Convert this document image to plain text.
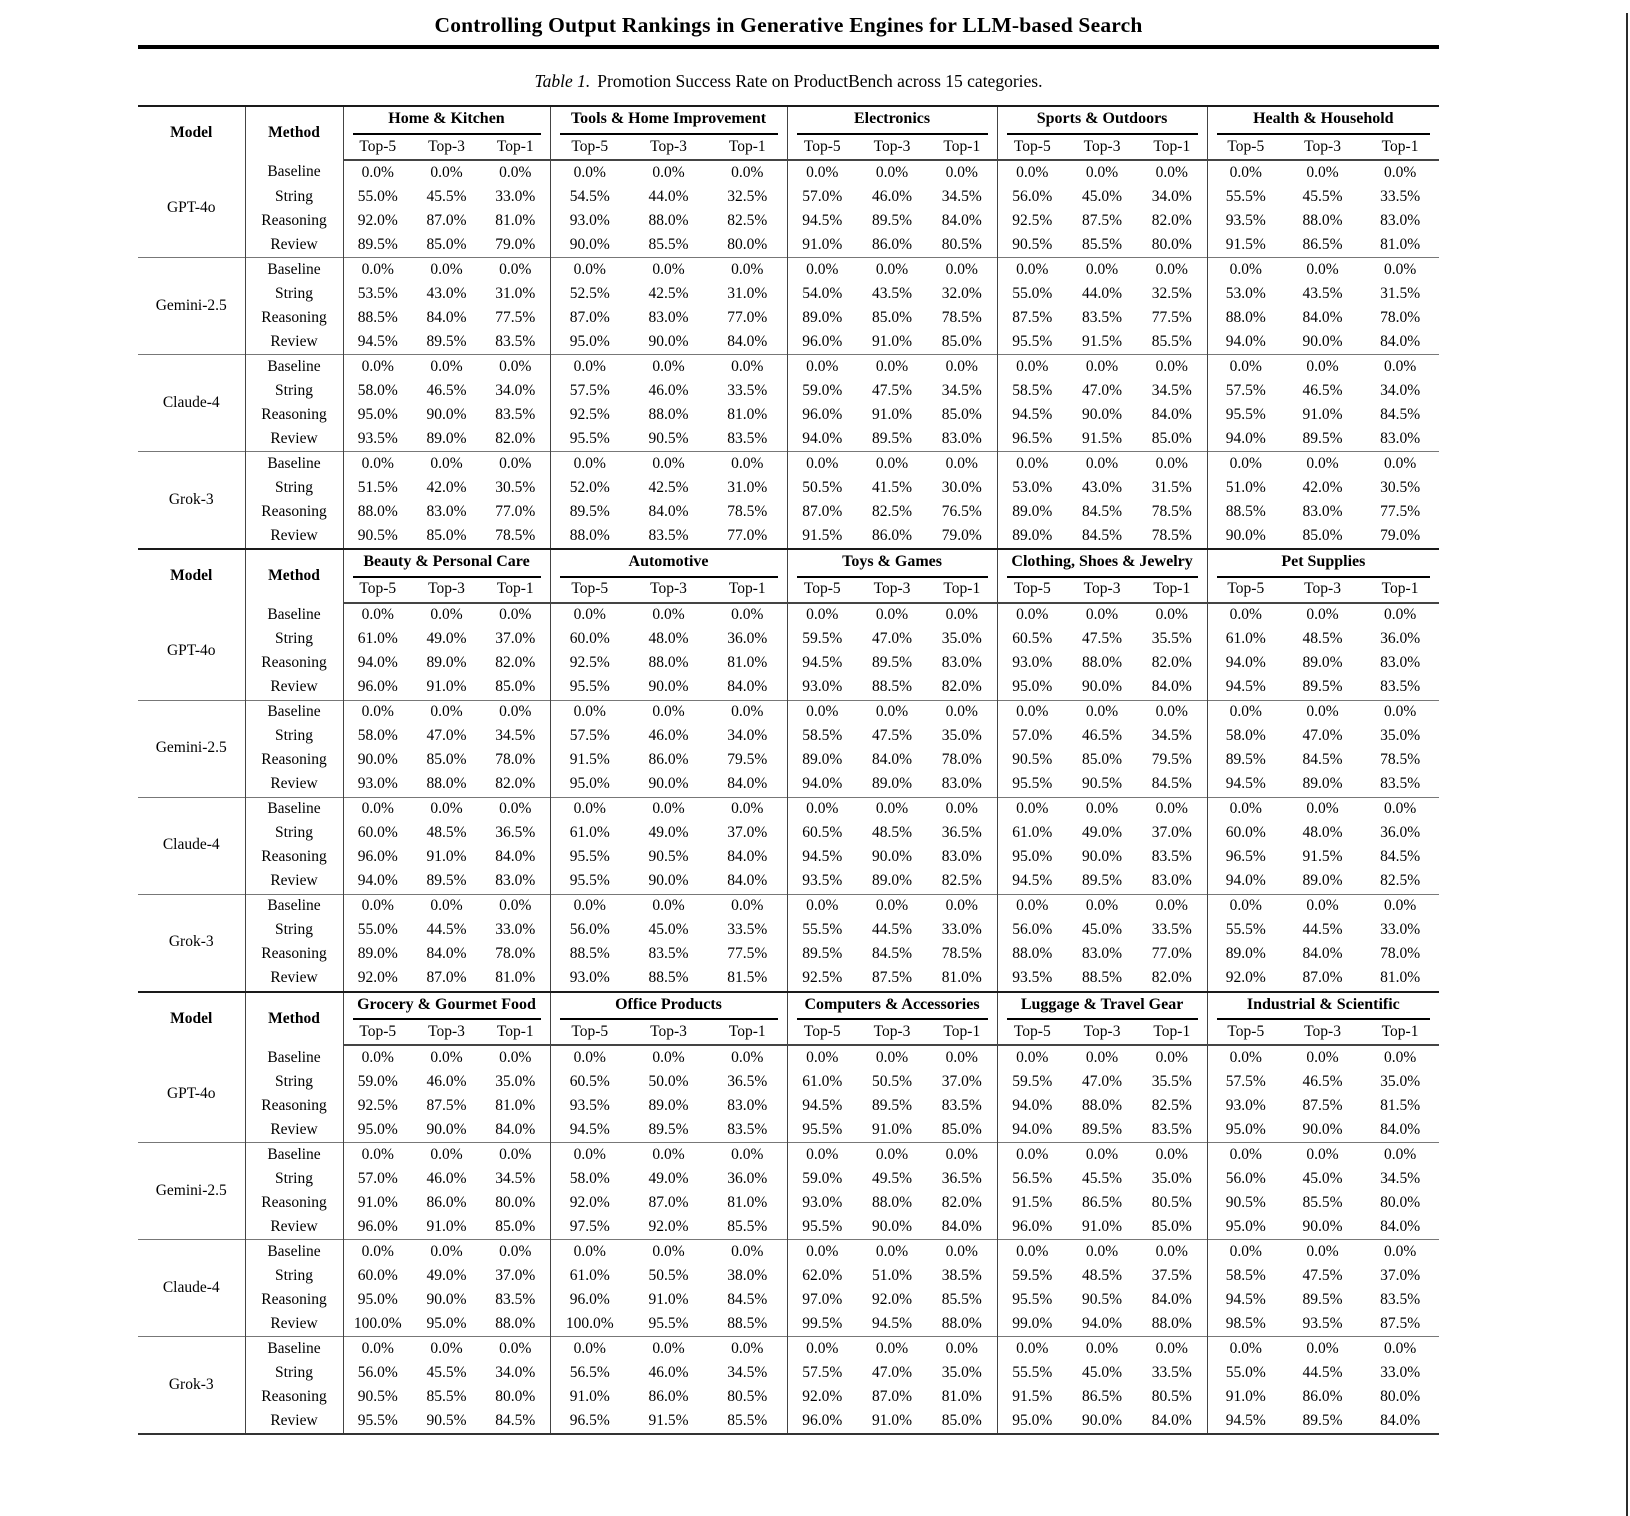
Controlling Output Rankings in Generative Engines for LLM-based Search

Table 1. Promotion Success Rate on ProductBench across 15 categories.

Model	Method	Home & Kitchen			Tools & Home Improvement			Electronics			Sports & Outdoors			Health & Household		

		Top-5	Top-3	Top-1	Top-5	Top-3	Top-1	Top-5	Top-3	Top-1	Top-5	Top-3	Top-1	Top-5	Top-3	Top-1
GPT-4o	Baseline	0.0%	0.0%	0.0%	0.0%	0.0%	0.0%	0.0%	0.0%	0.0%	0.0%	0.0%	0.0%	0.0%	0.0%	0.0%
	String	55.0%	45.5%	33.0%	54.5%	44.0%	32.5%	57.0%	46.0%	34.5%	56.0%	45.0%	34.0%	55.5%	45.5%	33.5%
	Reasoning	92.0%	87.0%	81.0%	93.0%	88.0%	82.5%	94.5%	89.5%	84.0%	92.5%	87.5%	82.0%	93.5%	88.0%	83.0%
	Review	89.5%	85.0%	79.0%	90.0%	85.5%	80.0%	91.0%	86.0%	80.5%	90.5%	85.5%	80.0%	91.5%	86.5%	81.0%
Gemini-2.5	Baseline	0.0%	0.0%	0.0%	0.0%	0.0%	0.0%	0.0%	0.0%	0.0%	0.0%	0.0%	0.0%	0.0%	0.0%	0.0%
	String	53.5%	43.0%	31.0%	52.5%	42.5%	31.0%	54.0%	43.5%	32.0%	55.0%	44.0%	32.5%	53.0%	43.5%	31.5%
	Reasoning	88.5%	84.0%	77.5%	87.0%	83.0%	77.0%	89.0%	85.0%	78.5%	87.5%	83.5%	77.5%	88.0%	84.0%	78.0%
	Review	94.5%	89.5%	83.5%	95.0%	90.0%	84.0%	96.0%	91.0%	85.0%	95.5%	91.5%	85.5%	94.0%	90.0%	84.0%
Claude-4	Baseline	0.0%	0.0%	0.0%	0.0%	0.0%	0.0%	0.0%	0.0%	0.0%	0.0%	0.0%	0.0%	0.0%	0.0%	0.0%
	String	58.0%	46.5%	34.0%	57.5%	46.0%	33.5%	59.0%	47.5%	34.5%	58.5%	47.0%	34.5%	57.5%	46.5%	34.0%
	Reasoning	95.0%	90.0%	83.5%	92.5%	88.0%	81.0%	96.0%	91.0%	85.0%	94.5%	90.0%	84.0%	95.5%	91.0%	84.5%
	Review	93.5%	89.0%	82.0%	95.5%	90.5%	83.5%	94.0%	89.5%	83.0%	96.5%	91.5%	85.0%	94.0%	89.5%	83.0%
Grok-3	Baseline	0.0%	0.0%	0.0%	0.0%	0.0%	0.0%	0.0%	0.0%	0.0%	0.0%	0.0%	0.0%	0.0%	0.0%	0.0%
	String	51.5%	42.0%	30.5%	52.0%	42.5%	31.0%	50.5%	41.5%	30.0%	53.0%	43.0%	31.5%	51.0%	42.0%	30.5%
	Reasoning	88.0%	83.0%	77.0%	89.5%	84.0%	78.5%	87.0%	82.5%	76.5%	89.0%	84.5%	78.5%	88.5%	83.0%	77.5%
	Review	90.5%	85.0%	78.5%	88.0%	83.5%	77.0%	91.5%	86.0%	79.0%	89.0%	84.5%	78.5%	90.0%	85.0%	79.0%
Model	Method	Beauty & Personal Care			Automotive			Toys & Games			Clothing, Shoes & Jewelry			Pet Supplies		

		Top-5	Top-3	Top-1	Top-5	Top-3	Top-1	Top-5	Top-3	Top-1	Top-5	Top-3	Top-1	Top-5	Top-3	Top-1
GPT-4o	Baseline	0.0%	0.0%	0.0%	0.0%	0.0%	0.0%	0.0%	0.0%	0.0%	0.0%	0.0%	0.0%	0.0%	0.0%	0.0%
	String	61.0%	49.0%	37.0%	60.0%	48.0%	36.0%	59.5%	47.0%	35.0%	60.5%	47.5%	35.5%	61.0%	48.5%	36.0%
	Reasoning	94.0%	89.0%	82.0%	92.5%	88.0%	81.0%	94.5%	89.5%	83.0%	93.0%	88.0%	82.0%	94.0%	89.0%	83.0%
	Review	96.0%	91.0%	85.0%	95.5%	90.0%	84.0%	93.0%	88.5%	82.0%	95.0%	90.0%	84.0%	94.5%	89.5%	83.5%
Gemini-2.5	Baseline	0.0%	0.0%	0.0%	0.0%	0.0%	0.0%	0.0%	0.0%	0.0%	0.0%	0.0%	0.0%	0.0%	0.0%	0.0%
	String	58.0%	47.0%	34.5%	57.5%	46.0%	34.0%	58.5%	47.5%	35.0%	57.0%	46.5%	34.5%	58.0%	47.0%	35.0%
	Reasoning	90.0%	85.0%	78.0%	91.5%	86.0%	79.5%	89.0%	84.0%	78.0%	90.5%	85.0%	79.5%	89.5%	84.5%	78.5%
	Review	93.0%	88.0%	82.0%	95.0%	90.0%	84.0%	94.0%	89.0%	83.0%	95.5%	90.5%	84.5%	94.5%	89.0%	83.5%
Claude-4	Baseline	0.0%	0.0%	0.0%	0.0%	0.0%	0.0%	0.0%	0.0%	0.0%	0.0%	0.0%	0.0%	0.0%	0.0%	0.0%
	String	60.0%	48.5%	36.5%	61.0%	49.0%	37.0%	60.5%	48.5%	36.5%	61.0%	49.0%	37.0%	60.0%	48.0%	36.0%
	Reasoning	96.0%	91.0%	84.0%	95.5%	90.5%	84.0%	94.5%	90.0%	83.0%	95.0%	90.0%	83.5%	96.5%	91.5%	84.5%
	Review	94.0%	89.5%	83.0%	95.5%	90.0%	84.0%	93.5%	89.0%	82.5%	94.5%	89.5%	83.0%	94.0%	89.0%	82.5%
Grok-3	Baseline	0.0%	0.0%	0.0%	0.0%	0.0%	0.0%	0.0%	0.0%	0.0%	0.0%	0.0%	0.0%	0.0%	0.0%	0.0%
	String	55.0%	44.5%	33.0%	56.0%	45.0%	33.5%	55.5%	44.5%	33.0%	56.0%	45.0%	33.5%	55.5%	44.5%	33.0%
	Reasoning	89.0%	84.0%	78.0%	88.5%	83.5%	77.5%	89.5%	84.5%	78.5%	88.0%	83.0%	77.0%	89.0%	84.0%	78.0%
	Review	92.0%	87.0%	81.0%	93.0%	88.5%	81.5%	92.5%	87.5%	81.0%	93.5%	88.5%	82.0%	92.0%	87.0%	81.0%
Model	Method	Grocery & Gourmet Food			Office Products			Computers & Accessories			Luggage & Travel Gear			Industrial & Scientific		

		Top-5	Top-3	Top-1	Top-5	Top-3	Top-1	Top-5	Top-3	Top-1	Top-5	Top-3	Top-1	Top-5	Top-3	Top-1
GPT-4o	Baseline	0.0%	0.0%	0.0%	0.0%	0.0%	0.0%	0.0%	0.0%	0.0%	0.0%	0.0%	0.0%	0.0%	0.0%	0.0%
	String	59.0%	46.0%	35.0%	60.5%	50.0%	36.5%	61.0%	50.5%	37.0%	59.5%	47.0%	35.5%	57.5%	46.5%	35.0%
	Reasoning	92.5%	87.5%	81.0%	93.5%	89.0%	83.0%	94.5%	89.5%	83.5%	94.0%	88.0%	82.5%	93.0%	87.5%	81.5%
	Review	95.0%	90.0%	84.0%	94.5%	89.5%	83.5%	95.5%	91.0%	85.0%	94.0%	89.5%	83.5%	95.0%	90.0%	84.0%
Gemini-2.5	Baseline	0.0%	0.0%	0.0%	0.0%	0.0%	0.0%	0.0%	0.0%	0.0%	0.0%	0.0%	0.0%	0.0%	0.0%	0.0%
	String	57.0%	46.0%	34.5%	58.0%	49.0%	36.0%	59.0%	49.5%	36.5%	56.5%	45.5%	35.0%	56.0%	45.0%	34.5%
	Reasoning	91.0%	86.0%	80.0%	92.0%	87.0%	81.0%	93.0%	88.0%	82.0%	91.5%	86.5%	80.5%	90.5%	85.5%	80.0%
	Review	96.0%	91.0%	85.0%	97.5%	92.0%	85.5%	95.5%	90.0%	84.0%	96.0%	91.0%	85.0%	95.0%	90.0%	84.0%
Claude-4	Baseline	0.0%	0.0%	0.0%	0.0%	0.0%	0.0%	0.0%	0.0%	0.0%	0.0%	0.0%	0.0%	0.0%	0.0%	0.0%
	String	60.0%	49.0%	37.0%	61.0%	50.5%	38.0%	62.0%	51.0%	38.5%	59.5%	48.5%	37.5%	58.5%	47.5%	37.0%
	Reasoning	95.0%	90.0%	83.5%	96.0%	91.0%	84.5%	97.0%	92.0%	85.5%	95.5%	90.5%	84.0%	94.5%	89.5%	83.5%
	Review	100.0%	95.0%	88.0%	100.0%	95.5%	88.5%	99.5%	94.5%	88.0%	99.0%	94.0%	88.0%	98.5%	93.5%	87.5%
Grok-3	Baseline	0.0%	0.0%	0.0%	0.0%	0.0%	0.0%	0.0%	0.0%	0.0%	0.0%	0.0%	0.0%	0.0%	0.0%	0.0%
	String	56.0%	45.5%	34.0%	56.5%	46.0%	34.5%	57.5%	47.0%	35.0%	55.5%	45.0%	33.5%	55.0%	44.5%	33.0%
	Reasoning	90.5%	85.5%	80.0%	91.0%	86.0%	80.5%	92.0%	87.0%	81.0%	91.5%	86.5%	80.5%	91.0%	86.0%	80.0%
	Review	95.5%	90.5%	84.5%	96.5%	91.5%	85.5%	96.0%	91.0%	85.0%	95.0%	90.0%	84.0%	94.5%	89.5%	84.0%
